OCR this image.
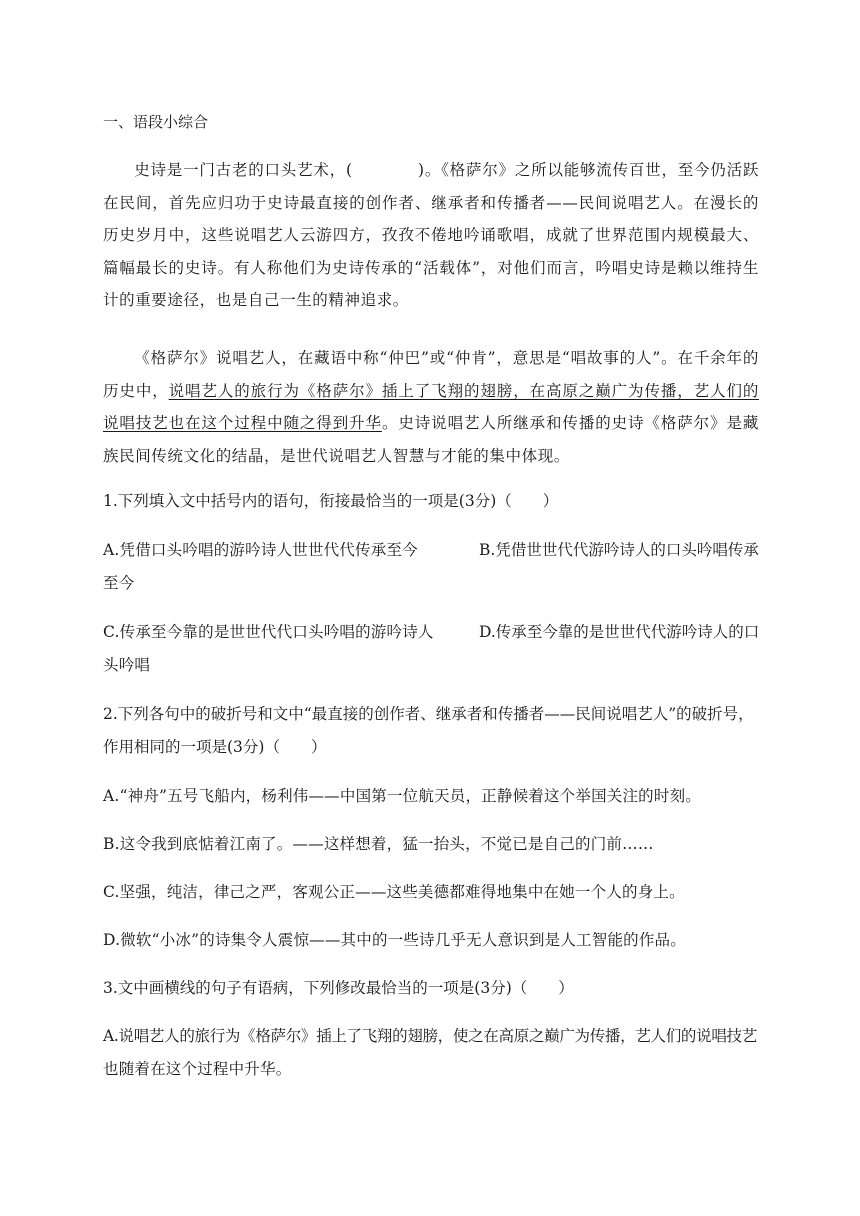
一、语段小综合

史诗是一门古老的口头艺术，(　　　　	)。《格萨尔》之所以能够流传百世，至今仍活跃在民间，首先应归功于史诗最直接的创作者、继承者和传播者——民间说唱艺人。在漫长的历史岁月中，这些说唱艺人云游四方，孜孜不倦地吟诵歌唱，成就了世界范围内规模最大、篇幅最长的史诗。有人称他们为史诗传承的“活载体”，对他们而言，吟唱史诗是赖以维持生计的重要途径，也是自己一生的精神追求。

《格萨尔》说唱艺人，在藏语中称“仲巴”或“仲肯”，意思是“唱故事的人”。在千余年的历史中，说唱艺人的旅行为《格萨尔》插上了飞翔的翅膀，在高原之巅广为传播，艺人们的说唱技艺也在这个过程中随之得到升华。史诗说唱艺人所继承和传播的史诗《格萨尔》是藏族民间传统文化的结晶，是世代说唱艺人智慧与才能的集中体现。

1.下列填入文中括号内的语句，衔接最恰当的一项是(3分)（　　）
A.凭借口头吟唱的游吟诗人世世代代传承至今	B.凭借世世代代游吟诗人的口头吟唱传承
至今
C.传承至今靠的是世世代代口头吟唱的游吟诗人	D.传承至今靠的是世世代代游吟诗人的口
头吟唱
2.下列各句中的破折号和文中“最直接的创作者、继承者和传播者——民间说唱艺人”的破折号，
作用相同的一项是(3分)（　　）
A.“神舟”五号飞船内，杨利伟——中国第一位航天员，正静候着这个举国关注的时刻。
B.这令我到底惦着江南了。——这样想着，猛一抬头，不觉已是自己的门前……
C.坚强，纯洁，律己之严，客观公正——这些美德都难得地集中在她一个人的身上。
D.微软“小冰”的诗集令人震惊——其中的一些诗几乎无人意识到是人工智能的作品。
3.文中画横线的句子有语病，下列修改最恰当的一项是(3分)（　　）
A.说唱艺人的旅行为《格萨尔》插上了飞翔的翅膀，使之在高原之巅广为传播，艺人们的说唱技艺
也随着在这个过程中升华。
